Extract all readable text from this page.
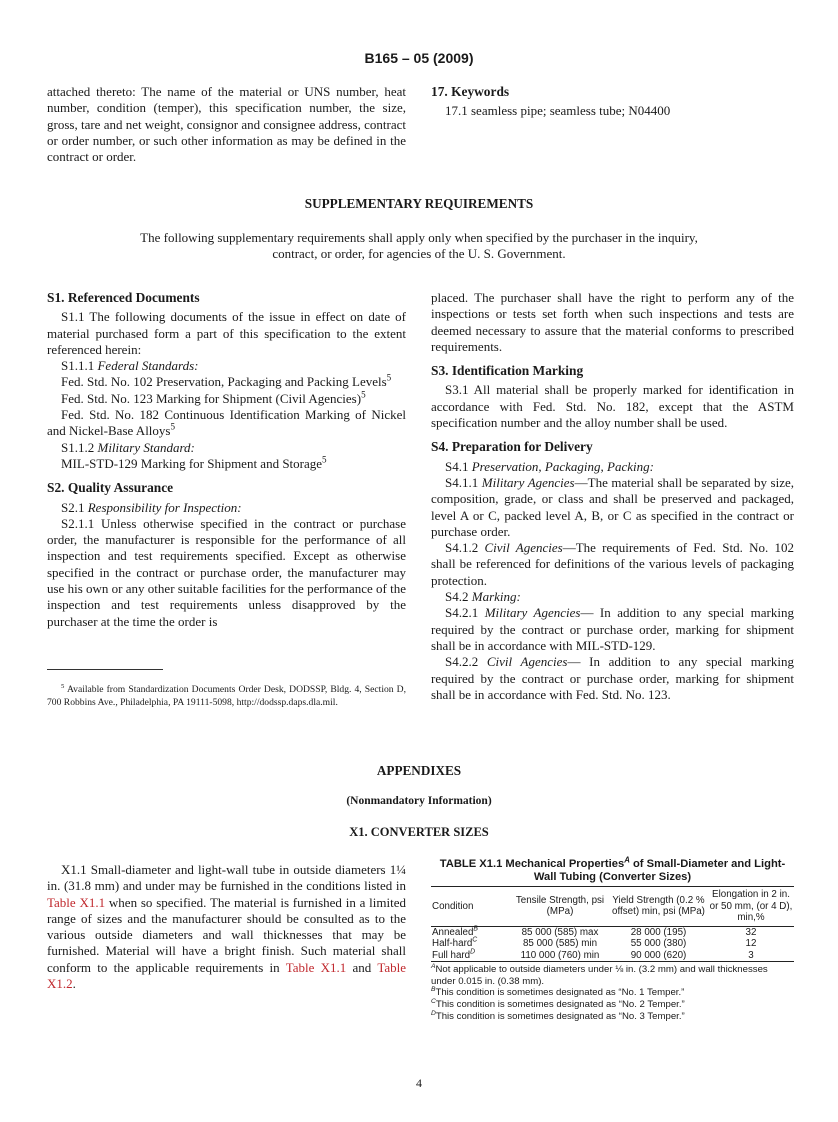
B165 – 05 (2009)

attached thereto: The name of the material or UNS number, heat number, condition (temper), this specification number, the size, gross, tare and net weight, consignor and consignee address, contract or order number, or such other information as may be defined in the contract or order.

17. Keywords

17.1 seamless pipe; seamless tube; N04400

SUPPLEMENTARY REQUIREMENTS
The following supplementary requirements shall apply only when specified by the purchaser in the inquiry, contract, or order, for agencies of the U. S. Government.

S1. Referenced Documents

S1.1 The following documents of the issue in effect on date of material purchased form a part of this specification to the extent referenced herein:

S1.1.1 Federal Standards:

Fed. Std. No. 102 Preservation, Packaging and Packing Levels$^5$

Fed. Std. No. 123 Marking for Shipment (Civil Agencies)$^5$

Fed. Std. No. 182 Continuous Identification Marking of Nickel and Nickel-Base Alloys$^5$

S1.1.2 Military Standard:

MIL-STD-129 Marking for Shipment and Storage$^5$

S2. Quality Assurance

S2.1 Responsibility for Inspection:

S2.1.1 Unless otherwise specified in the contract or purchase order, the manufacturer is responsible for the performance of all inspection and test requirements specified. Except as otherwise specified in the contract or purchase order, the manufacturer may use his own or any other suitable facilities for the performance of the inspection and test requirements unless disapproved by the purchaser at the time the order is

$^5$ Available from Standardization Documents Order Desk, DODSSP, Bldg. 4, Section D, 700 Robbins Ave., Philadelphia, PA 19111-5098, http://dodssp.daps.dla.mil.

placed. The purchaser shall have the right to perform any of the inspections or tests set forth when such inspections and tests are deemed necessary to assure that the material conforms to prescribed requirements.

S3. Identification Marking

S3.1 All material shall be properly marked for identification in accordance with Fed. Std. No. 182, except that the ASTM specification number and the alloy number shall be used.

S4. Preparation for Delivery

S4.1 Preservation, Packaging, Packing:

S4.1.1 Military Agencies—The material shall be separated by size, composition, grade, or class and shall be preserved and packaged, level A or C, packed level A, B, or C as specified in the contract or purchase order.

S4.1.2 Civil Agencies—The requirements of Fed. Std. No. 102 shall be referenced for definitions of the various levels of packaging protection.

S4.2 Marking:

S4.2.1 Military Agencies— In addition to any special marking required by the contract or purchase order, marking for shipment shall be in accordance with MIL-STD-129.

S4.2.2 Civil Agencies— In addition to any special marking required by the contract or purchase order, marking for shipment shall be in accordance with Fed. Std. No. 123.

APPENDIXES
(Nonmandatory Information)
X1. CONVERTER SIZES

X1.1 Small-diameter and light-wall tube in outside diameters 1¼ in. (31.8 mm) and under may be furnished in the conditions listed in Table X1.1 when so specified. The material is furnished in a limited range of sizes and the manufacturer should be consulted as to the various outside diameters and wall thicknesses that may be furnished. Material will have a bright finish. Such material shall conform to the applicable requirements in Table X1.1 and Table X1.2.

TABLE X1.1 Mechanical Properties$^A$ of Small-Diameter and Light-Wall Tubing (Converter Sizes)
Condition	Tensile Strength, psi (MPa)	Yield Strength (0.2 % offset) min, psi (MPa)	Elongation in 2 in. or 50 mm, (or 4 D), min,%
Annealed$^B$	85 000 (585) max	28 000 (195)	32
Half-hard$^C$	85 000 (585) min	55 000 (380)	12
Full hard$^D$	110 000 (760) min	90 000 (620)	3
$^A$Not applicable to outside diameters under ⅛ in. (3.2 mm) and wall thicknesses under 0.015 in. (0.38 mm).
$^B$This condition is sometimes designated as “No. 1 Temper.”
$^C$This condition is sometimes designated as “No. 2 Temper.”
$^D$This condition is sometimes designated as “No. 3 Temper.”
4
